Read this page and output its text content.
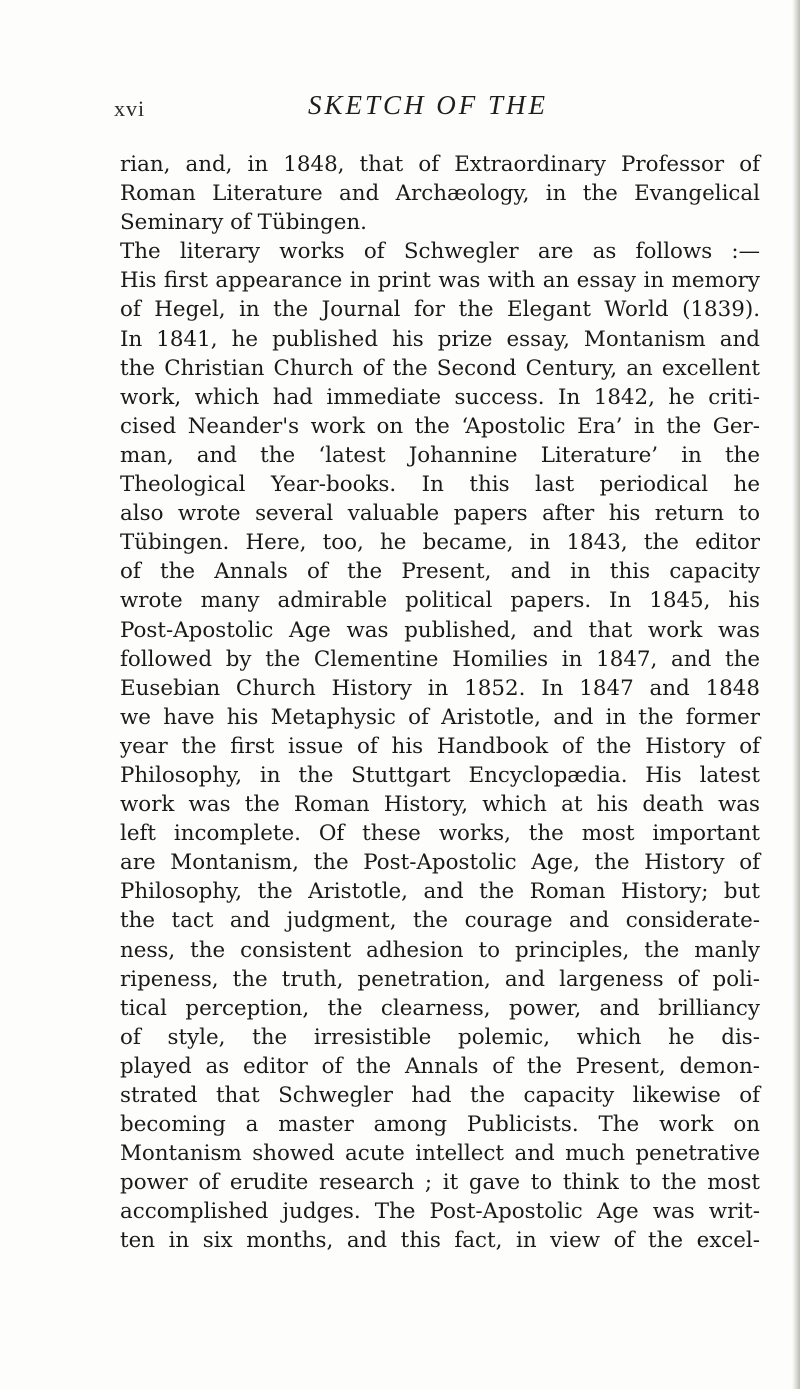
xvi	SKETCH OF THE
rian, and, in 1848, that of Extraordinary Professor of
Roman Literature and Archæology, in the Evangelical
Seminary of Tübingen.
The literary works of Schwegler are as follows :—
His first appearance in print was with an essay in memory
of Hegel, in the Journal for the Elegant World (1839).
In 1841, he published his prize essay, Montanism and
the Christian Church of the Second Century, an excellent
work, which had immediate success. In 1842, he criti-
cised Neander's work on the ‘Apostolic Era’ in the Ger-
man, and the ‘latest Johannine Literature’ in the
Theological Year-books. In this last periodical he
also wrote several valuable papers after his return to
Tübingen. Here, too, he became, in 1843, the editor
of the Annals of the Present, and in this capacity
wrote many admirable political papers. In 1845, his
Post-Apostolic Age was published, and that work was
followed by the Clementine Homilies in 1847, and the
Eusebian Church History in 1852. In 1847 and 1848
we have his Metaphysic of Aristotle, and in the former
year the first issue of his Handbook of the History of
Philosophy, in the Stuttgart Encyclopædia. His latest
work was the Roman History, which at his death was
left incomplete. Of these works, the most important
are Montanism, the Post-Apostolic Age, the History of
Philosophy, the Aristotle, and the Roman History; but
the tact and judgment, the courage and considerate-
ness, the consistent adhesion to principles, the manly
ripeness, the truth, penetration, and largeness of poli-
tical perception, the clearness, power, and brilliancy
of style, the irresistible polemic, which he dis-
played as editor of the Annals of the Present, demon-
strated that Schwegler had the capacity likewise of
becoming a master among Publicists. The work on
Montanism showed acute intellect and much penetrative
power of erudite research ; it gave to think to the most
accomplished judges. The Post-Apostolic Age was writ-
ten in six months, and this fact, in view of the excel-
